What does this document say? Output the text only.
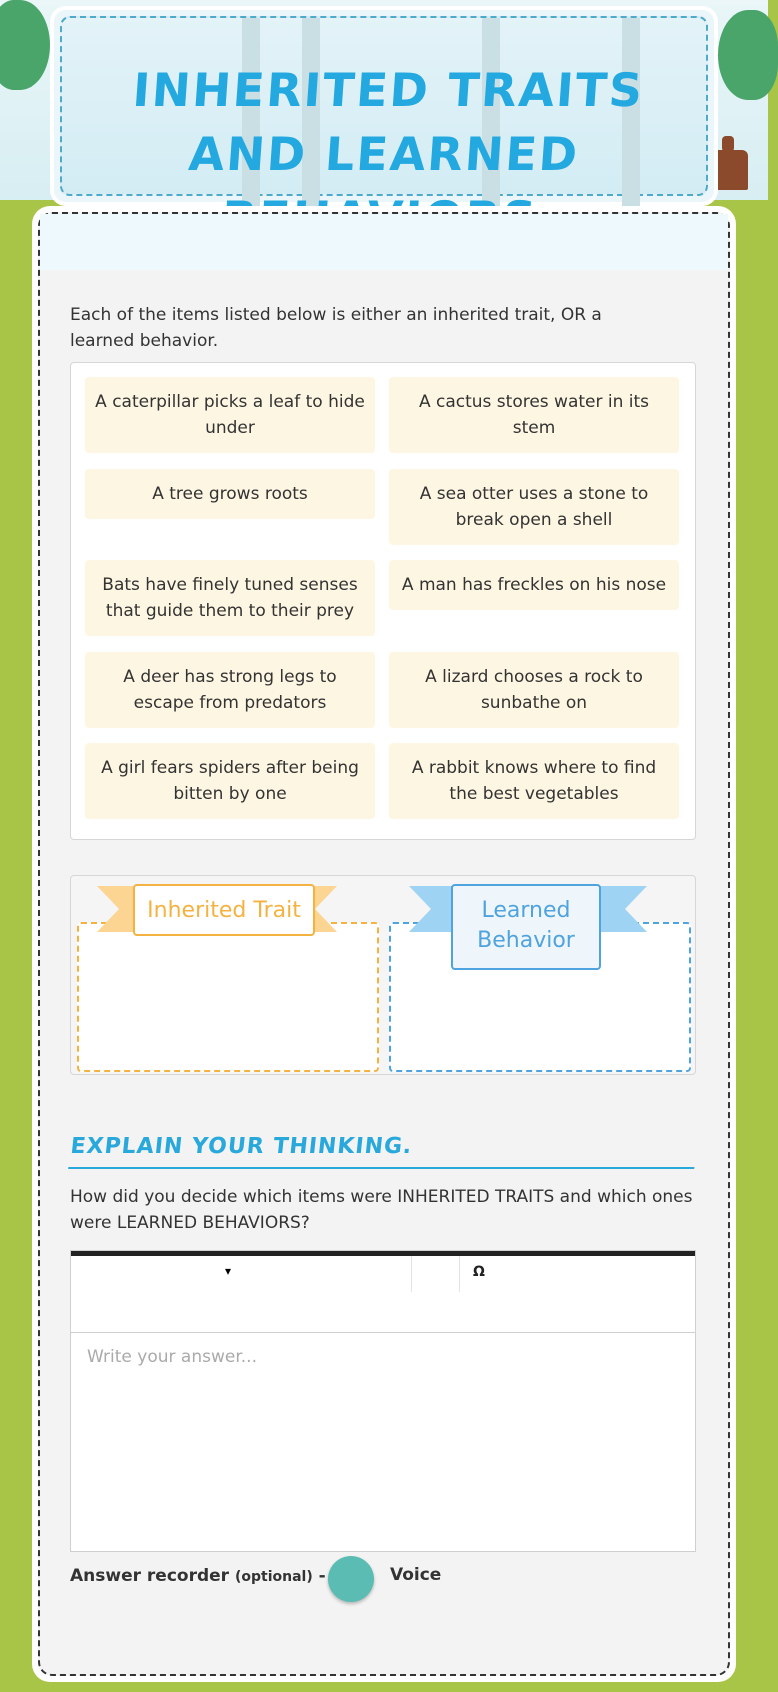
INHERITED TRAITS AND LEARNED
Each of the items listed below is either an inherited trait, OR a learned behavior.
A caterpillar picks a leaf to hide under
A cactus stores water in its stem
A tree grows roots	A sea otter uses a stone to break open a shell
Bats have finely tuned senses that guide them to their prey
A man has freckles on his nose
A deer has strong legs to escape from predators
A lizard chooses a rock to sunbathe on
A girl fears spiders after being bitten by one
A rabbit knows where to find the best vegetables
Inherited Trait	Learned Behavior
EXPLAIN YOUR THINKING.
How did you decide which items were INHERITED TRAITS and which ones were LEARNED BEHAVIORS?
▾	Ω
Write your answer...
Answer recorder (optional) -	Voice
